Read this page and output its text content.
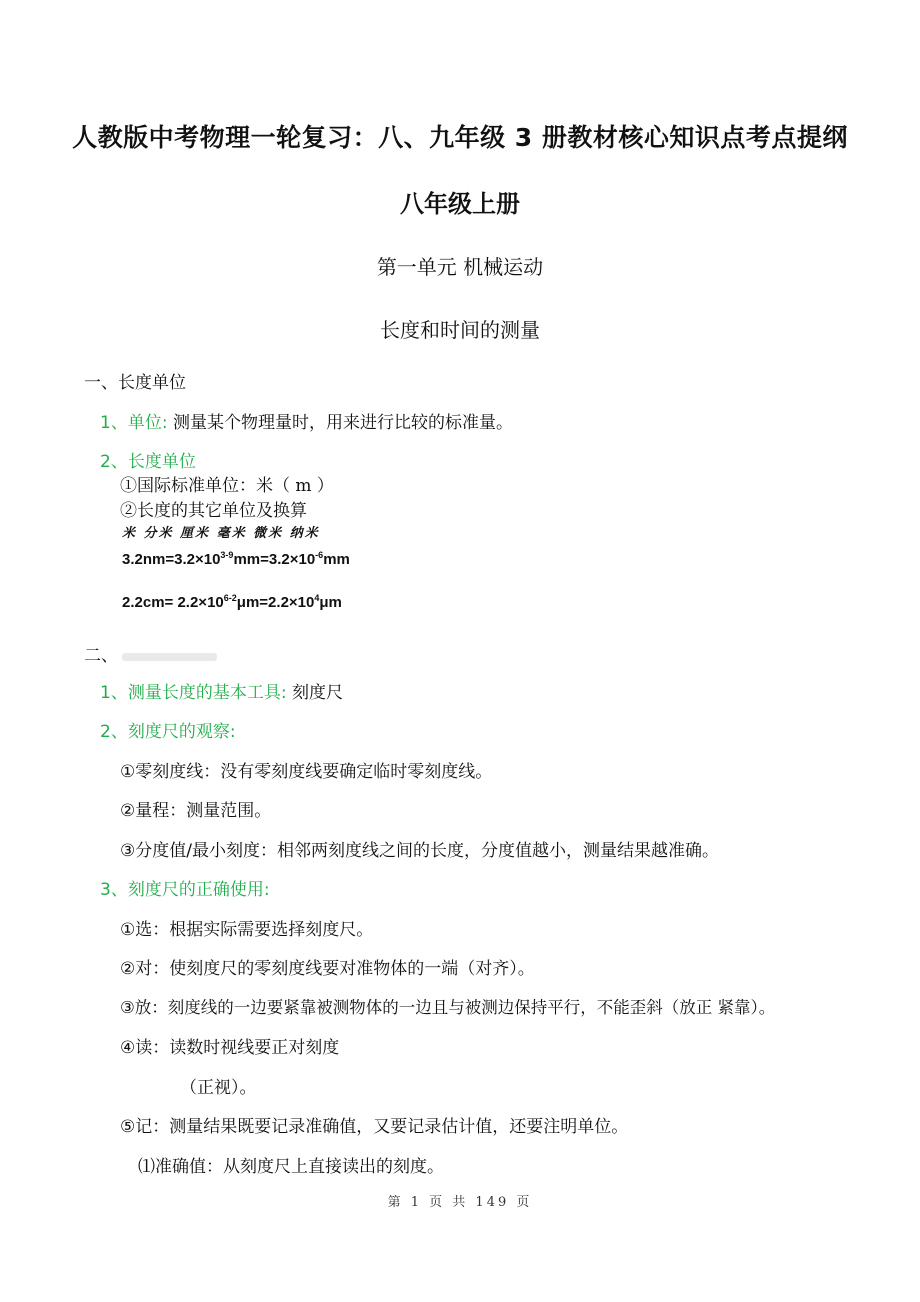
人教版中考物理一轮复习：八、九年级 3 册教材核心知识点考点提纲
八年级上册
第一单元 机械运动
长度和时间的测量
一、长度单位
1、单位: 测量某个物理量时，用来进行比较的标准量。
2、长度单位
①国际标准单位：米（ m ）
②长度的其它单位及换算
米 分米 厘米 毫米 微米 纳米
$3.2nm=3.2\times 10^{3-9}mm=3.2\times 10^{-6}mm$
$2.2cm= 2.2\times 10^{6-2}\mu m=2.2\times 10^4\mu m$
二、
1、测量长度的基本工具: 刻度尺
2、刻度尺的观察:
①零刻度线：没有零刻度线要确定临时零刻度线。
②量程：测量范围。
③分度值/最小刻度：相邻两刻度线之间的长度，分度值越小，测量结果越准确。
3、刻度尺的正确使用:
①选：根据实际需要选择刻度尺。
②对：使刻度尺的零刻度线要对准物体的一端（对齐）。
③放：刻度线的一边要紧靠被测物体的一边且与被测边保持平行，不能歪斜（放正 紧靠）。
④读：读数时视线要正对刻度
（正视）。
⑤记：测量结果既要记录准确值，又要记录估计值，还要注明单位。
⑴准确值：从刻度尺上直接读出的刻度。
第 1 页 共 149 页
